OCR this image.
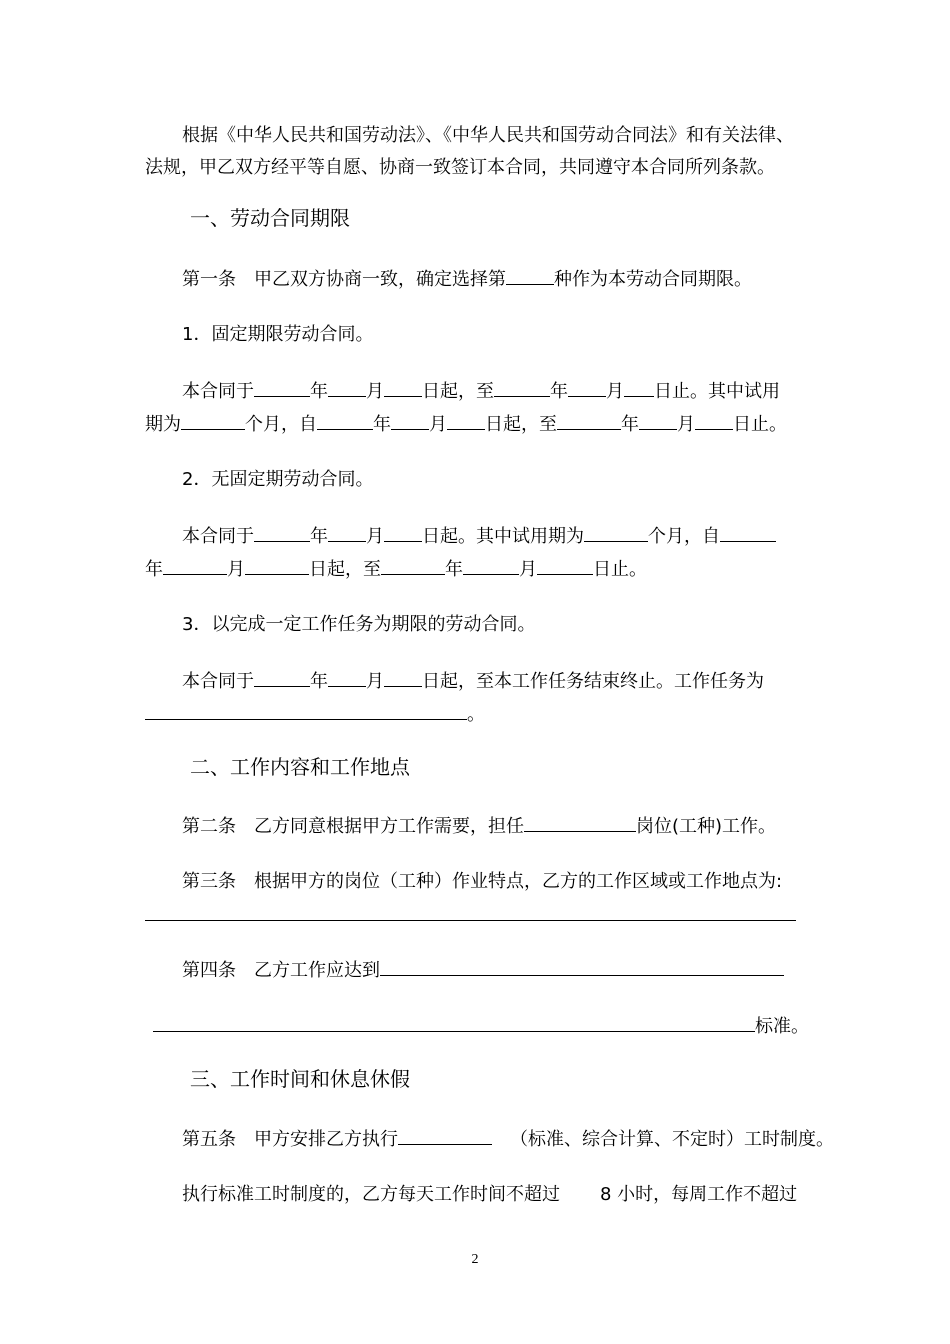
根据《中华人民共和国劳动法》、《中华人民共和国劳动合同法》和有关法律、
法规，甲乙双方经平等自愿、协商一致签订本合同，共同遵守本合同所列条款。
一、劳动合同期限
第一条　甲乙双方协商一致，确定选择第	种作为本劳动合同期限。
1．固定期限劳动合同。
本合同于	年 月 日起，至	年 月 日止。其中试用
期为	个月，自	年 月 日起，至	年 月 日止。
2．无固定期劳动合同。
本合同于	年 月 日起。其中试用期为	个月，自
年	月	日起，至	年	月	日止。
3．以完成一定工作任务为期限的劳动合同。
本合同于	年 月 日起，至本工作任务结束终止。工作任务为
。
二、工作内容和工作地点
第二条　乙方同意根据甲方工作需要，担任	岗位(工种)工作。
第三条　根据甲方的岗位（工种）作业特点，乙方的工作区域或工作地点为:
第四条　乙方工作应达到
标准。
三、工作时间和休息休假
第五条　甲方安排乙方执行	（标准、综合计算、不定时）工时制度。
执行标准工时制度的，乙方每天工作时间不超过 8 小时，每周工作不超过
2
